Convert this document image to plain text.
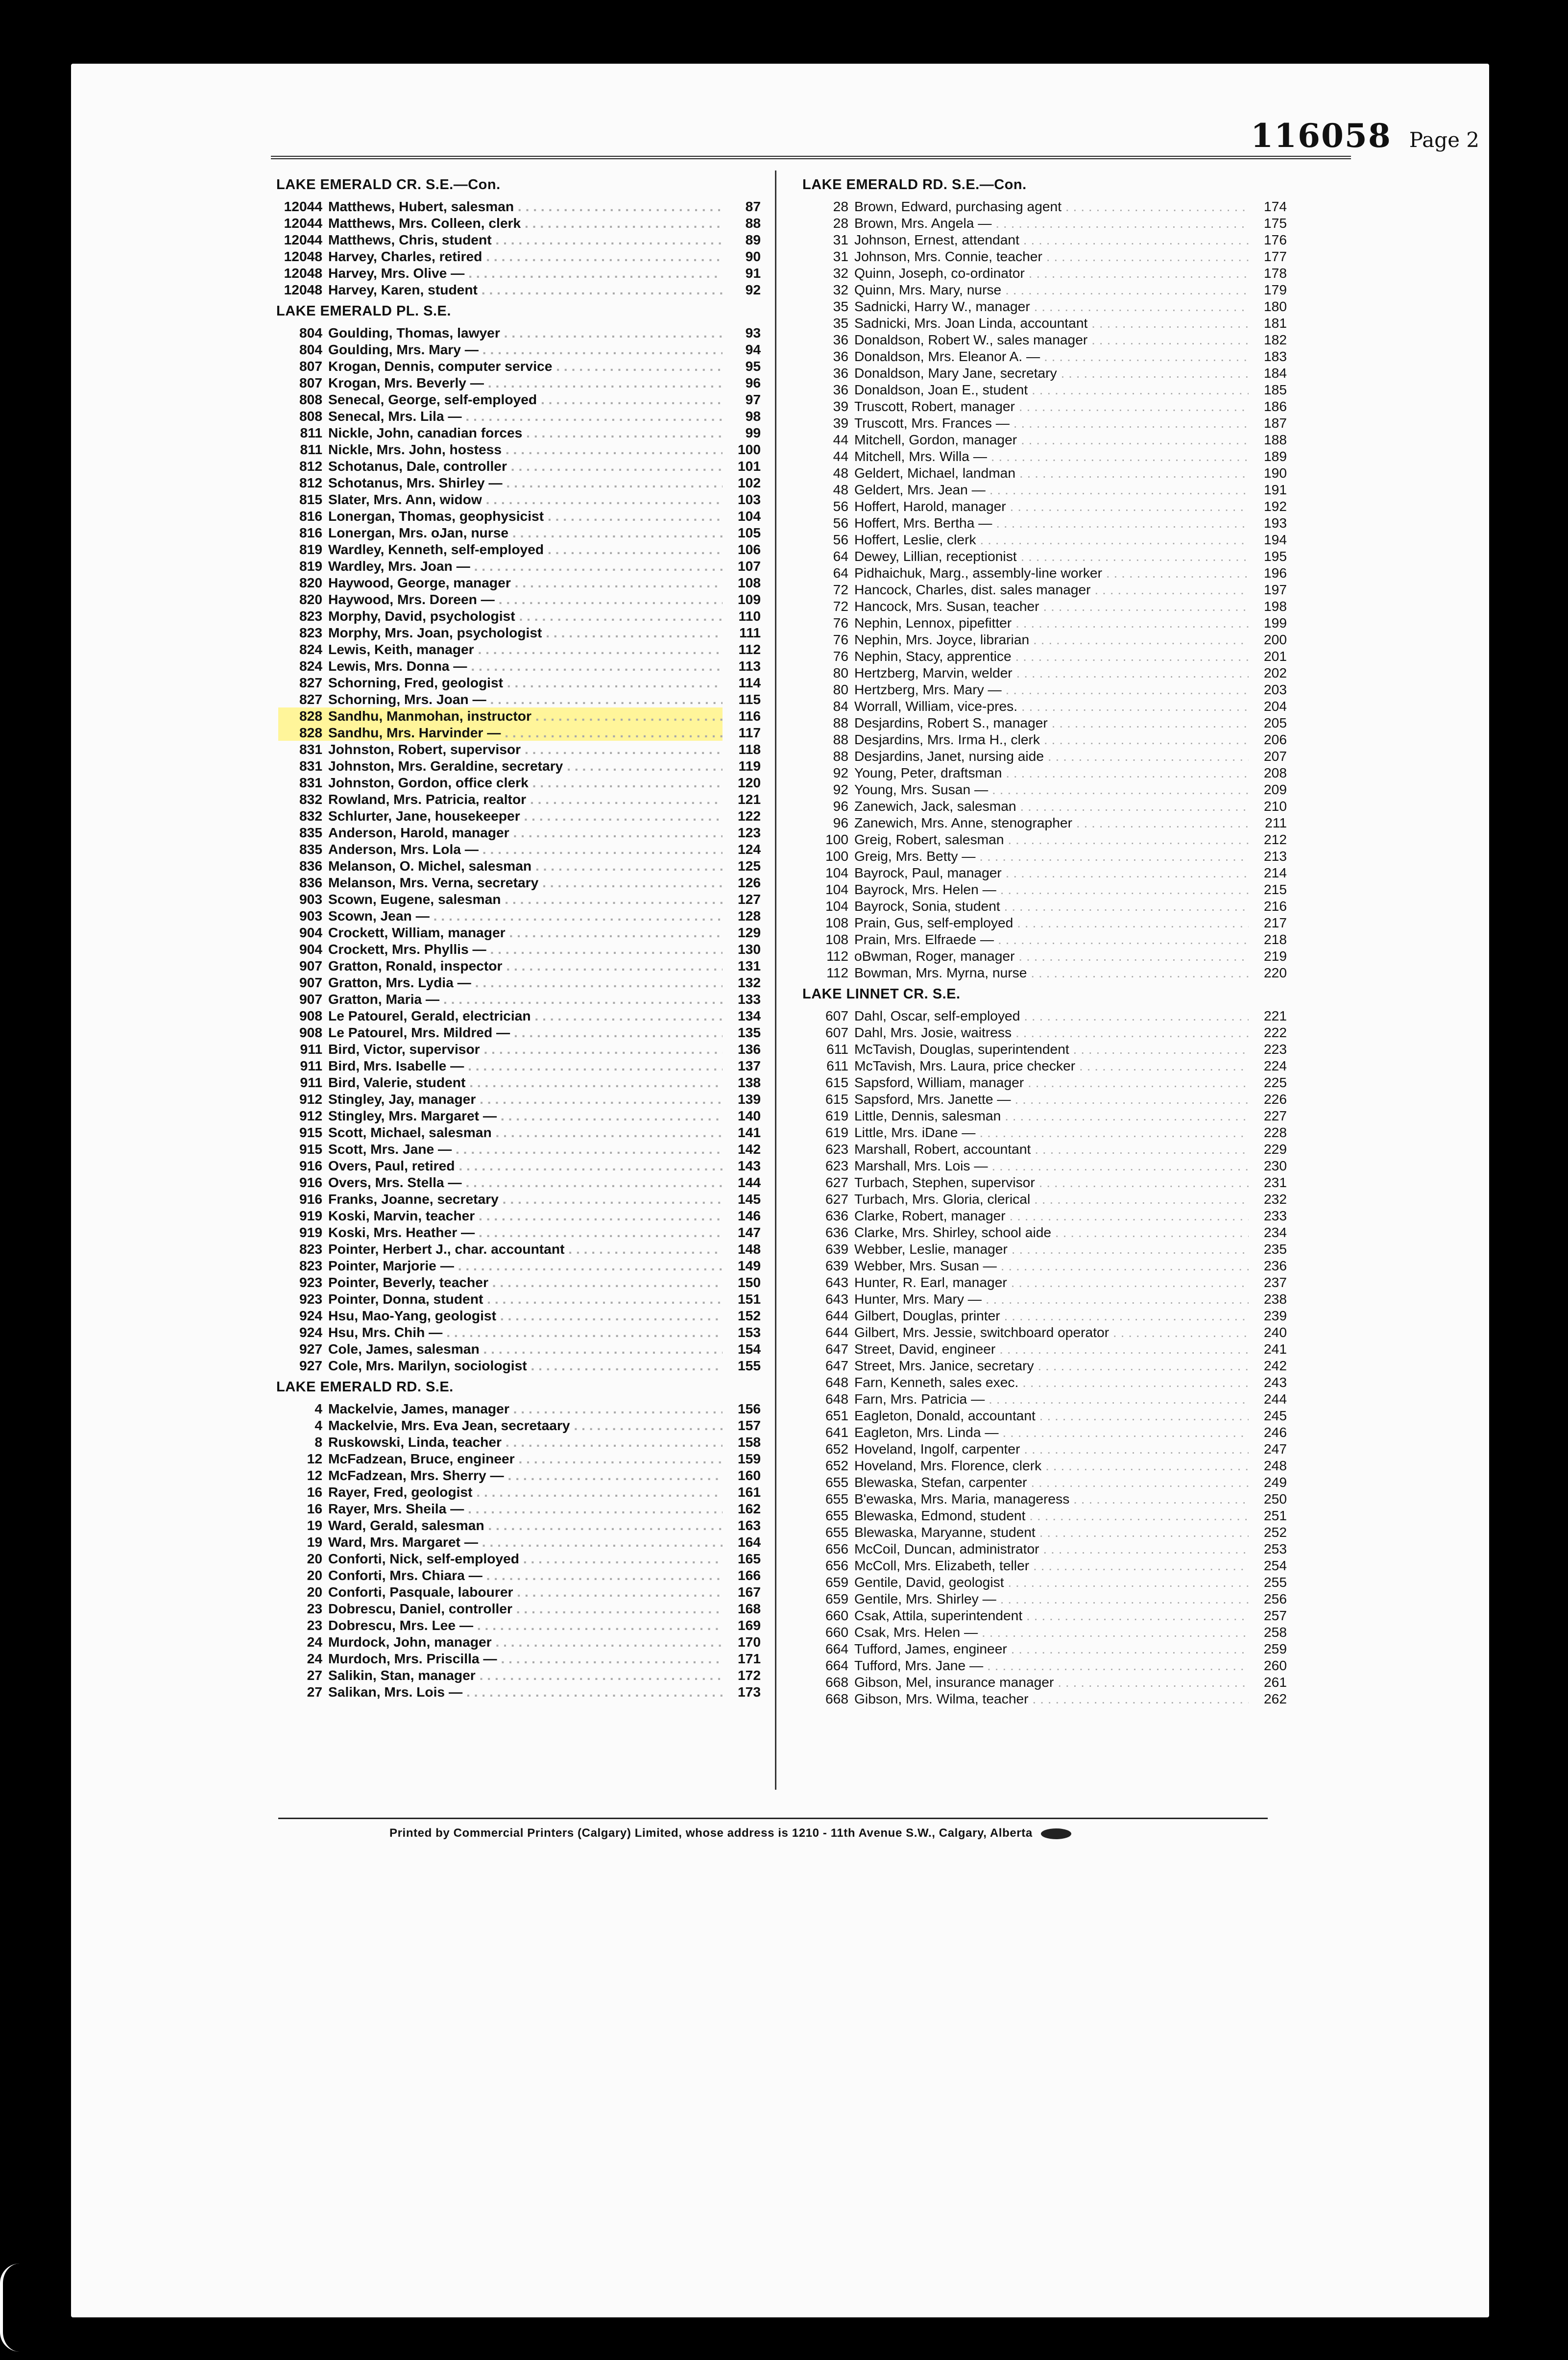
116058 Page 2
LAKE EMERALD CR. S.E.—Con.
12044 Matthews, Hubert, salesman . . .	87
12044 Matthews, Mrs. Colleen, clerk . . .	88
12044 Matthews, Chris, student . . .	89
12048 Harvey, Charles, retired . . .	90
12048 Harvey, Mrs. Olive — . . .	91
12048 Harvey, Karen, student . . .	92
LAKE EMERALD PL. S.E.
804 Goulding, Thomas, lawyer . . .	93
804 Goulding, Mrs. Mary — . . .	94
807 Krogan, Dennis, computer service . . .	95
807 Krogan, Mrs. Beverly — . . .	96
808 Senecal, George, self-employed . . .	97
808 Senecal, Mrs. Lila — . . .	98
811 Nickle, John, canadian forces . . .	99
811 Nickle, Mrs. John, hostess . . .	100
812 Schotanus, Dale, controller . . .	101
812 Schotanus, Mrs. Shirley — . . .	102
815 Slater, Mrs. Ann, widow . . .	103
816 Lonergan, Thomas, geophysicist . . .	104
816 Lonergan, Mrs. oJan, nurse . . .	105
819 Wardley, Kenneth, self-employed . . .	106
819 Wardley, Mrs. Joan — . . .	107
820 Haywood, George, manager . . .	108
820 Haywood, Mrs. Doreen — . . .	109
823 Morphy, David, psychologist . . .	110
823 Morphy, Mrs. Joan, psychologist . . .	111
824 Lewis, Keith, manager . . .	112
824 Lewis, Mrs. Donna — . . .	113
827 Schorning, Fred, geologist . . .	114
827 Schorning, Mrs. Joan — . . .	115
828 Sandhu, Manmohan, instructor . . .	116
828 Sandhu, Mrs. Harvinder — . . .	117
831 Johnston, Robert, supervisor . . .	118
831 Johnston, Mrs. Geraldine, secretary . . .	119
831 Johnston, Gordon, office clerk . . .	120
832 Rowland, Mrs. Patricia, realtor . . .	121
832 Schlurter, Jane, housekeeper . . .	122
835 Anderson, Harold, manager . . .	123
835 Anderson, Mrs. Lola — . . .	124
836 Melanson, O. Michel, salesman . . .	125
836 Melanson, Mrs. Verna, secretary . . .	126
903 Scown, Eugene, salesman . . .	127
903 Scown, Jean — . . .	128
904 Crockett, William, manager . . .	129
904 Crockett, Mrs. Phyllis — . . .	130
907 Gratton, Ronald, inspector . . .	131
907 Gratton, Mrs. Lydia — . . .	132
907 Gratton, Maria — . . .	133
908 Le Patourel, Gerald, electrician . . .	134
908 Le Patourel, Mrs. Mildred — . . .	135
911 Bird, Victor, supervisor . . .	136
911 Bird, Mrs. Isabelle — . . .	137
911 Bird, Valerie, student . . .	138
912 Stingley, Jay, manager . . .	139
912 Stingley, Mrs. Margaret — . . .	140
915 Scott, Michael, salesman . . .	141
915 Scott, Mrs. Jane — . . .	142
916 Overs, Paul, retired . . .	143
916 Overs, Mrs. Stella — . . .	144
916 Franks, Joanne, secretary . . .	145
919 Koski, Marvin, teacher . . .	146
919 Koski, Mrs. Heather — . . .	147
823 Pointer, Herbert J., char. accountant . . .	148
823 Pointer, Marjorie — . . .	149
923 Pointer, Beverly, teacher . . .	150
923 Pointer, Donna, student . . .	151
924 Hsu, Mao-Yang, geologist . . .	152
924 Hsu, Mrs. Chih — . . .	153
927 Cole, James, salesman . . .	154
927 Cole, Mrs. Marilyn, sociologist . . .	155
LAKE EMERALD RD. S.E.
4 Mackelvie, James, manager . . .	156
4 Mackelvie, Mrs. Eva Jean, secretaary . . .	157
8 Ruskowski, Linda, teacher . . .	158
12 McFadzean, Bruce, engineer . . .	159
12 McFadzean, Mrs. Sherry — . . .	160
16 Rayer, Fred, geologist . . .	161
16 Rayer, Mrs. Sheila — . . .	162
19 Ward, Gerald, salesman . . .	163
19 Ward, Mrs. Margaret — . . .	164
20 Conforti, Nick, self-employed . . .	165
20 Conforti, Mrs. Chiara — . . .	166
20 Conforti, Pasquale, labourer . . .	167
23 Dobrescu, Daniel, controller . . .	168
23 Dobrescu, Mrs. Lee — . . .	169
24 Murdock, John, manager . . .	170
24 Murdoch, Mrs. Priscilla — . . .	171
27 Salikin, Stan, manager . . .	172
27 Salikan, Mrs. Lois — . . .	173
LAKE EMERALD RD. S.E.—Con.
28 Brown, Edward, purchasing agent . . .	174
28 Brown, Mrs. Angela — . . .	175
31 Johnson, Ernest, attendant . . .	176
31 Johnson, Mrs. Connie, teacher . . .	177
32 Quinn, Joseph, co-ordinator . . .	178
32 Quinn, Mrs. Mary, nurse . . .	179
35 Sadnicki, Harry W., manager . . .	180
35 Sadnicki, Mrs. Joan Linda, accountant . . .	181
36 Donaldson, Robert W., sales manager . . .	182
36 Donaldson, Mrs. Eleanor A. — . . .	183
36 Donaldson, Mary Jane, secretary . . .	184
36 Donaldson, Joan E., student . . .	185
39 Truscott, Robert, manager . . .	186
39 Truscott, Mrs. Frances — . . .	187
44 Mitchell, Gordon, manager . . .	188
44 Mitchell, Mrs. Willa — . . .	189
48 Geldert, Michael, landman . . .	190
48 Geldert, Mrs. Jean — . . .	191
56 Hoffert, Harold, manager . . .	192
56 Hoffert, Mrs. Bertha — . . .	193
56 Hoffert, Leslie, clerk . . .	194
64 Dewey, Lillian, receptionist . . .	195
64 Pidhaichuk, Marg., assembly-line worker . . .	196
72 Hancock, Charles, dist. sales manager . . .	197
72 Hancock, Mrs. Susan, teacher . . .	198
76 Nephin, Lennox, pipefitter . . .	199
76 Nephin, Mrs. Joyce, librarian . . .	200
76 Nephin, Stacy, apprentice . . .	201
80 Hertzberg, Marvin, welder . . .	202
80 Hertzberg, Mrs. Mary — . . .	203
84 Worrall, William, vice-pres. . . .	204
88 Desjardins, Robert S., manager . . .	205
88 Desjardins, Mrs. Irma H., clerk . . .	206
88 Desjardins, Janet, nursing aide . . .	207
92 Young, Peter, draftsman . . .	208
92 Young, Mrs. Susan — . . .	209
96 Zanewich, Jack, salesman . . .	210
96 Zanewich, Mrs. Anne, stenographer . . .	211
100 Greig, Robert, salesman . . .	212
100 Greig, Mrs. Betty — . . .	213
104 Bayrock, Paul, manager . . .	214
104 Bayrock, Mrs. Helen — . . .	215
104 Bayrock, Sonia, student . . .	216
108 Prain, Gus, self-employed . . .	217
108 Prain, Mrs. Elfraede — . . .	218
112 oBwman, Roger, manager . . .	219
112 Bowman, Mrs. Myrna, nurse . . .	220
LAKE LINNET CR. S.E.
607 Dahl, Oscar, self-employed . . .	221
607 Dahl, Mrs. Josie, waitress . . .	222
611 McTavish, Douglas, superintendent . . .	223
611 McTavish, Mrs. Laura, price checker . . .	224
615 Sapsford, William, manager . . .	225
615 Sapsford, Mrs. Janette — . . .	226
619 Little, Dennis, salesman . . .	227
619 Little, Mrs. iDane — . . .	228
623 Marshall, Robert, accountant . . .	229
623 Marshall, Mrs. Lois — . . .	230
627 Turbach, Stephen, supervisor . . .	231
627 Turbach, Mrs. Gloria, clerical . . .	232
636 Clarke, Robert, manager . . .	233
636 Clarke, Mrs. Shirley, school aide . . .	234
639 Webber, Leslie, manager . . .	235
639 Webber, Mrs. Susan — . . .	236
643 Hunter, R. Earl, manager . . .	237
643 Hunter, Mrs. Mary — . . .	238
644 Gilbert, Douglas, printer . . .	239
644 Gilbert, Mrs. Jessie, switchboard operator . . .	240
647 Street, David, engineer . . .	241
647 Street, Mrs. Janice, secretary . . .	242
648 Farn, Kenneth, sales exec. . . .	243
648 Farn, Mrs. Patricia — . . .	244
651 Eagleton, Donald, accountant . . .	245
641 Eagleton, Mrs. Linda — . . .	246
652 Hoveland, Ingolf, carpenter . . .	247
652 Hoveland, Mrs. Florence, clerk . . .	248
655 Blewaska, Stefan, carpenter . . .	249
655 B'ewaska, Mrs. Maria, manageress . . .	250
655 Blewaska, Edmond, student . . .	251
655 Blewaska, Maryanne, student . . .	252
656 McCoil, Duncan, administrator . . .	253
656 McColl, Mrs. Elizabeth, teller . . .	254
659 Gentile, David, geologist . . .	255
659 Gentile, Mrs. Shirley — . . .	256
660 Csak, Attila, superintendent . . .	257
660 Csak, Mrs. Helen — . . .	258
664 Tufford, James, engineer . . .	259
664 Tufford, Mrs. Jane — . . .	260
668 Gibson, Mel, insurance manager . . .	261
668 Gibson, Mrs. Wilma, teacher . . .	262
Printed by Commercial Printers (Calgary) Limited, whose address is 1210 - 11th Avenue S.W., Calgary, Alberta
